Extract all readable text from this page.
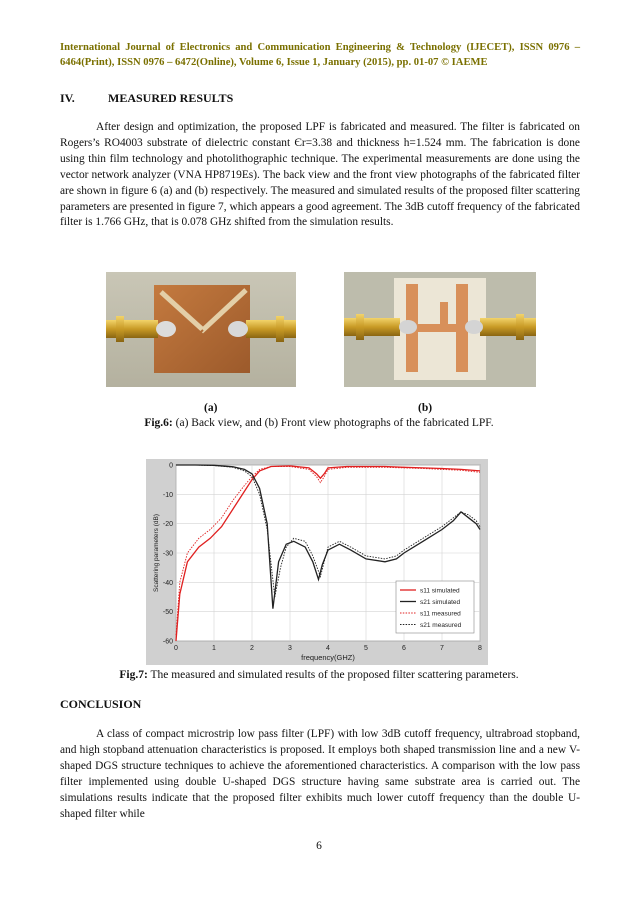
International Journal of Electronics and Communication Engineering & Technology (IJECET), ISSN 0976 – 6464(Print), ISSN 0976 – 6472(Online), Volume 6, Issue 1, January (2015), pp. 01-07 © IAEME
IV.	MEASURED RESULTS

After design and optimization, the proposed LPF is fabricated and measured. The filter is fabricated on Rogers’s RO4003 substrate of dielectric constant Єr=3.38 and thickness h=1.524 mm. The fabrication is done using thin film technology and photolithographic technique. The experimental measurements are done using the vector network analyzer (VNA HP8719Es). The back view and the front view photographs of the fabricated filter are shown in figure 6 (a) and (b) respectively. The measured and simulated results of the proposed filter scattering parameters are presented in figure 7, which appears a good agreement. The 3dB cutoff frequency of the fabricated filter is 1.766 GHz, that is 0.078 GHz shifted from the simulation results.

(a)	(b)
Fig.6: (a) Back view, and (b) Front view photographs of the fabricated LPF.
0	1	2	3	4	5	6	7	8
0
-10
-20
-30
-40
-50
-60
frequency(GHZ)
Scattering parameters (dB)	s11 simulated
s21 simulated
s11 measured
s21 measured
Fig.7: The measured and simulated results of the proposed filter scattering parameters.
CONCLUSION

A class of compact microstrip low pass filter (LPF) with low 3dB cutoff frequency, ultrabroad stopband, and high stopband attenuation characteristics is proposed. It employs both shaped transmission line and a new V-shaped DGS structure techniques to achieve the aforementioned characteristics. A comparison with the low pass filter implemented using double U-shaped DGS structure having same substrate area is carried out. The simulations results indicate that the proposed filter exhibits much lower cutoff frequency than the double U-shaped filter while

6
